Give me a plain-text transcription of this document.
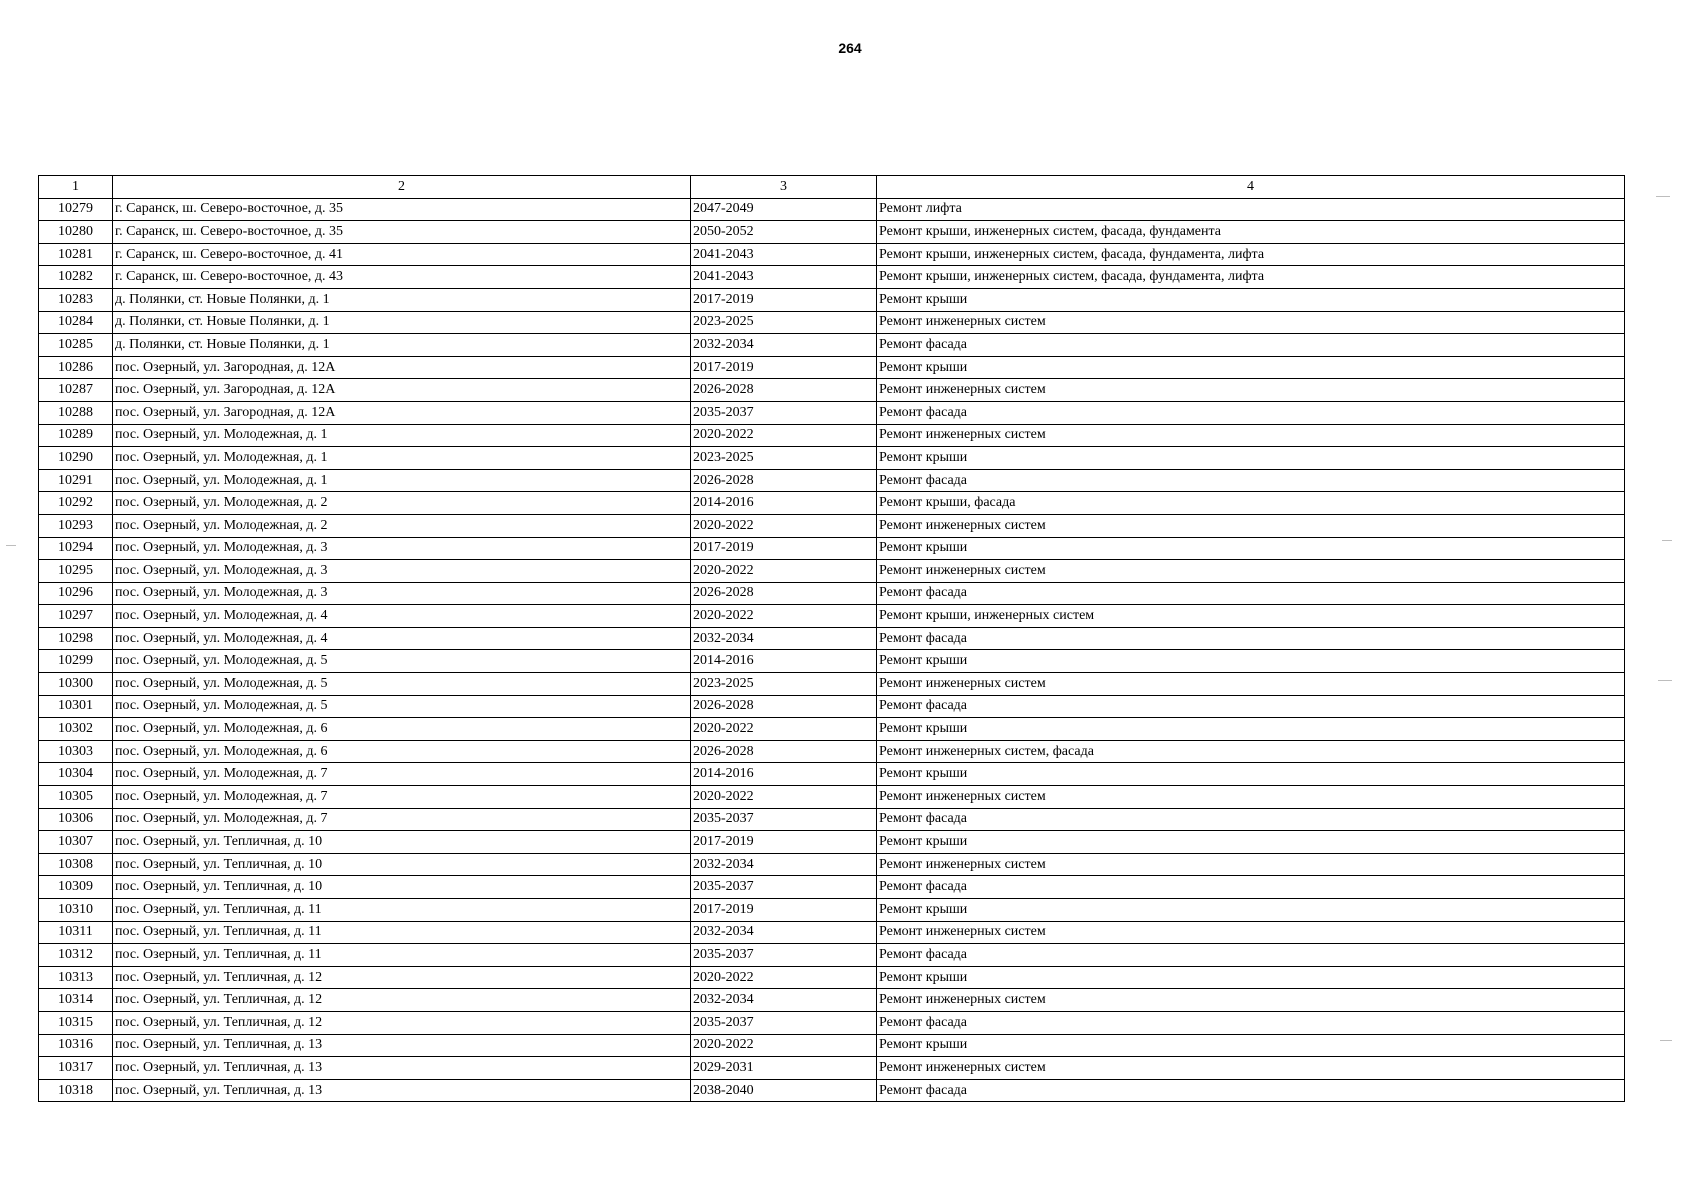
264
1	2	3	4
10279	г. Саранск, ш. Северо-восточное, д. 35	2047-2049	Ремонт лифта
10280	г. Саранск, ш. Северо-восточное, д. 35	2050-2052	Ремонт крыши, инженерных систем, фасада, фундамента
10281	г. Саранск, ш. Северо-восточное, д. 41	2041-2043	Ремонт крыши, инженерных систем, фасада, фундамента, лифта
10282	г. Саранск, ш. Северо-восточное, д. 43	2041-2043	Ремонт крыши, инженерных систем, фасада, фундамента, лифта
10283	д. Полянки, ст. Новые Полянки, д. 1	2017-2019	Ремонт крыши
10284	д. Полянки, ст. Новые Полянки, д. 1	2023-2025	Ремонт инженерных систем
10285	д. Полянки, ст. Новые Полянки, д. 1	2032-2034	Ремонт фасада
10286	пос. Озерный, ул. Загородная, д. 12А	2017-2019	Ремонт крыши
10287	пос. Озерный, ул. Загородная, д. 12А	2026-2028	Ремонт инженерных систем
10288	пос. Озерный, ул. Загородная, д. 12А	2035-2037	Ремонт фасада
10289	пос. Озерный, ул. Молодежная, д. 1	2020-2022	Ремонт инженерных систем
10290	пос. Озерный, ул. Молодежная, д. 1	2023-2025	Ремонт крыши
10291	пос. Озерный, ул. Молодежная, д. 1	2026-2028	Ремонт фасада
10292	пос. Озерный, ул. Молодежная, д. 2	2014-2016	Ремонт крыши, фасада
10293	пос. Озерный, ул. Молодежная, д. 2	2020-2022	Ремонт инженерных систем
10294	пос. Озерный, ул. Молодежная, д. 3	2017-2019	Ремонт крыши
10295	пос. Озерный, ул. Молодежная, д. 3	2020-2022	Ремонт инженерных систем
10296	пос. Озерный, ул. Молодежная, д. 3	2026-2028	Ремонт фасада
10297	пос. Озерный, ул. Молодежная, д. 4	2020-2022	Ремонт крыши, инженерных систем
10298	пос. Озерный, ул. Молодежная, д. 4	2032-2034	Ремонт фасада
10299	пос. Озерный, ул. Молодежная, д. 5	2014-2016	Ремонт крыши
10300	пос. Озерный, ул. Молодежная, д. 5	2023-2025	Ремонт инженерных систем
10301	пос. Озерный, ул. Молодежная, д. 5	2026-2028	Ремонт фасада
10302	пос. Озерный, ул. Молодежная, д. 6	2020-2022	Ремонт крыши
10303	пос. Озерный, ул. Молодежная, д. 6	2026-2028	Ремонт инженерных систем, фасада
10304	пос. Озерный, ул. Молодежная, д. 7	2014-2016	Ремонт крыши
10305	пос. Озерный, ул. Молодежная, д. 7	2020-2022	Ремонт инженерных систем
10306	пос. Озерный, ул. Молодежная, д. 7	2035-2037	Ремонт фасада
10307	пос. Озерный, ул. Тепличная, д. 10	2017-2019	Ремонт крыши
10308	пос. Озерный, ул. Тепличная, д. 10	2032-2034	Ремонт инженерных систем
10309	пос. Озерный, ул. Тепличная, д. 10	2035-2037	Ремонт фасада
10310	пос. Озерный, ул. Тепличная, д. 11	2017-2019	Ремонт крыши
10311	пос. Озерный, ул. Тепличная, д. 11	2032-2034	Ремонт инженерных систем
10312	пос. Озерный, ул. Тепличная, д. 11	2035-2037	Ремонт фасада
10313	пос. Озерный, ул. Тепличная, д. 12	2020-2022	Ремонт крыши
10314	пос. Озерный, ул. Тепличная, д. 12	2032-2034	Ремонт инженерных систем
10315	пос. Озерный, ул. Тепличная, д. 12	2035-2037	Ремонт фасада
10316	пос. Озерный, ул. Тепличная, д. 13	2020-2022	Ремонт крыши
10317	пос. Озерный, ул. Тепличная, д. 13	2029-2031	Ремонт инженерных систем
10318	пос. Озерный, ул. Тепличная, д. 13	2038-2040	Ремонт фасада
